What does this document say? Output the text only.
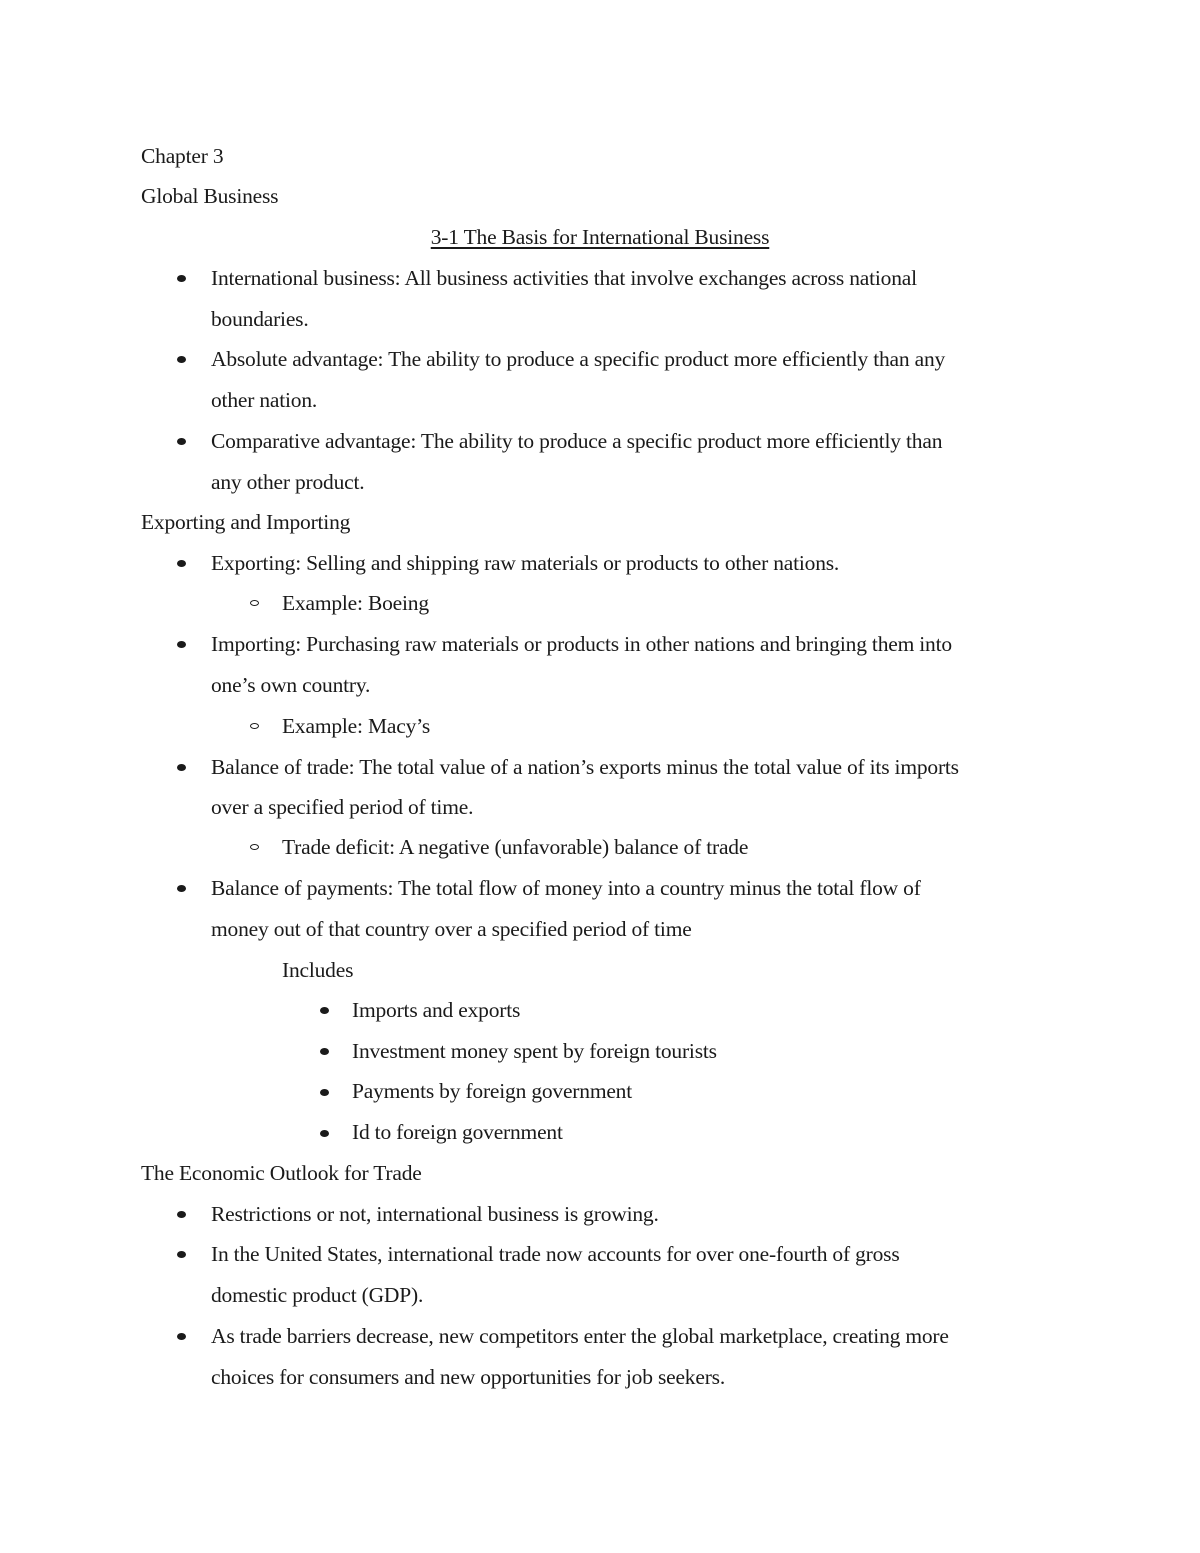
Chapter 3
Global Business
3-1 The Basis for International Business
International business: All business activities that involve exchanges across national
boundaries.
Absolute advantage: The ability to produce a specific product more efficiently than any
other nation.
Comparative advantage: The ability to produce a specific product more efficiently than
any other product.
Exporting and Importing
Exporting: Selling and shipping raw materials or products to other nations.
Example: Boeing
Importing: Purchasing raw materials or products in other nations and bringing them into
one’s own country.
Example: Macy’s
Balance of trade: The total value of a nation’s exports minus the total value of its imports
over a specified period of time.
Trade deficit: A negative (unfavorable) balance of trade
Balance of payments: The total flow of money into a country minus the total flow of
money out of that country over a specified period of time
Includes
Imports and exports
Investment money spent by foreign tourists
Payments by foreign government
Id to foreign government
The Economic Outlook for Trade
Restrictions or not, international business is growing.
In the United States, international trade now accounts for over one-fourth of gross
domestic product (GDP).
As trade barriers decrease, new competitors enter the global marketplace, creating more
choices for consumers and new opportunities for job seekers.
